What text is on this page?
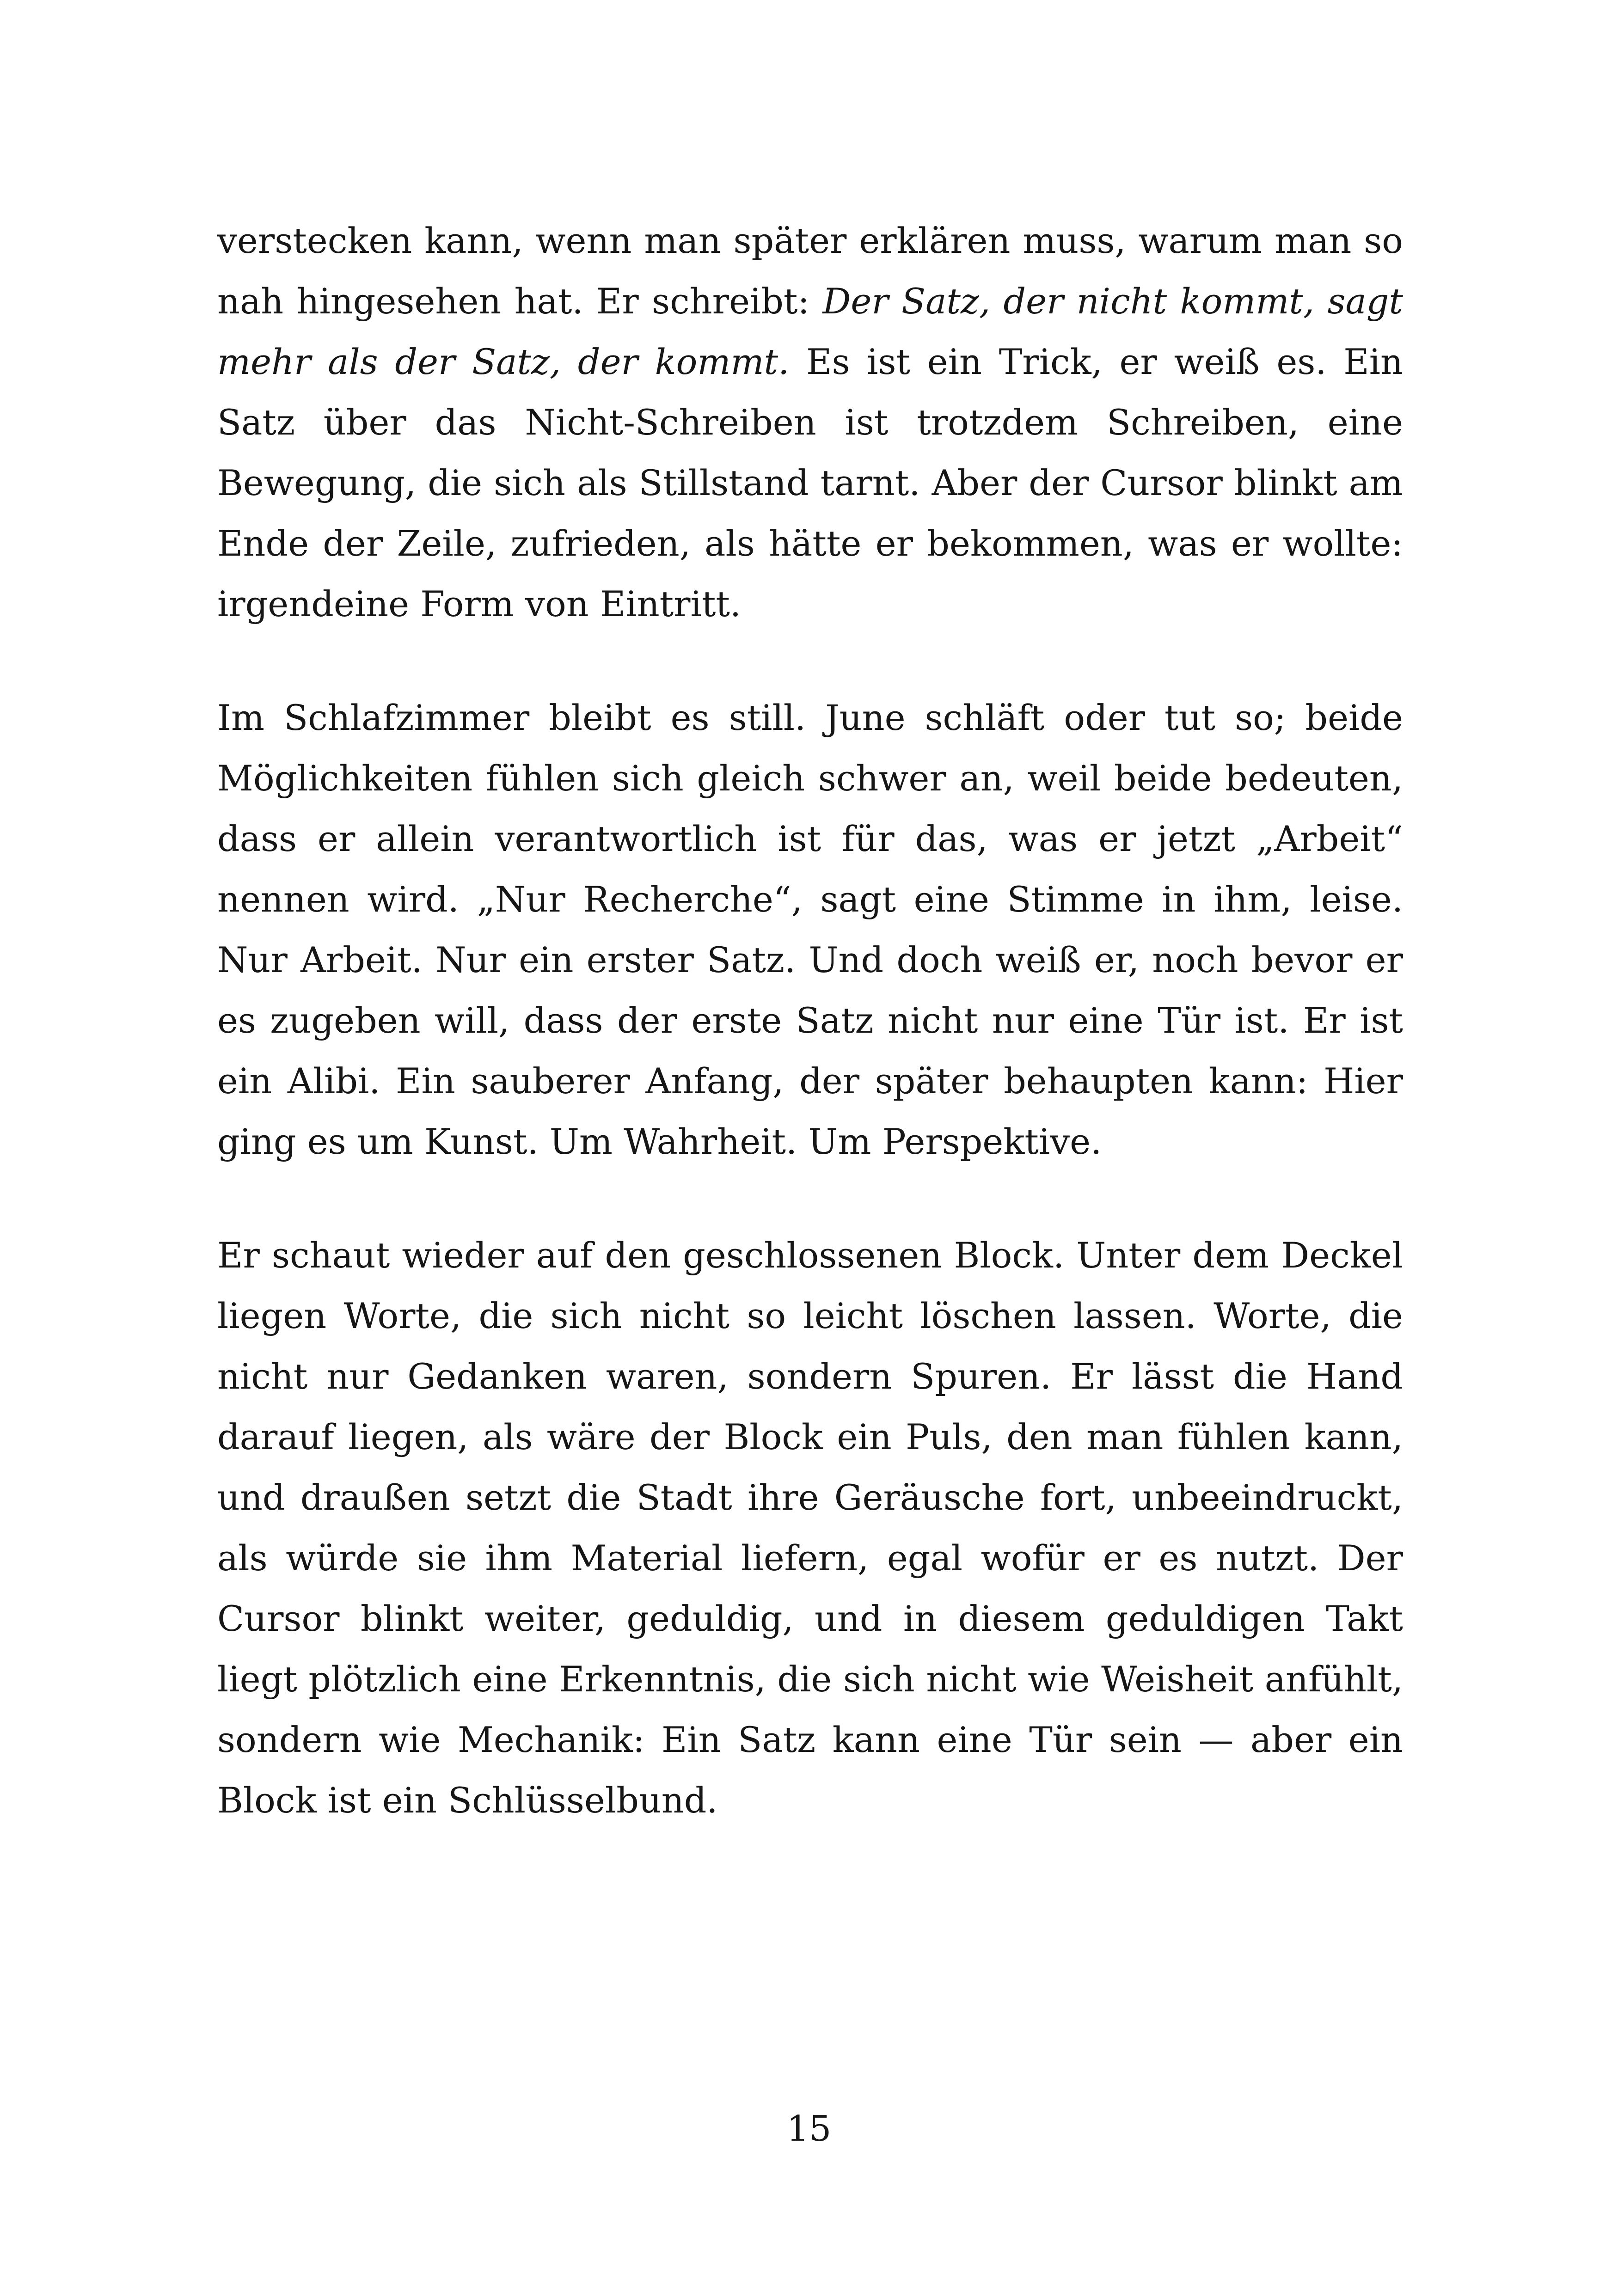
verstecken kann, wenn man später erklären muss, warum man so nah hingesehen hat. Er schreibt: Der Satz, der nicht kommt, sagt mehr als der Satz, der kommt. Es ist ein Trick, er weiß es. Ein Satz über das Nicht-Schreiben ist trotzdem Schreiben, eine Bewegung, die sich als Stillstand tarnt. Aber der Cursor blinkt am Ende der Zeile, zufrieden, als hätte er bekommen, was er wollte: irgendeine Form von Eintritt.

Im Schlafzimmer bleibt es still. June schläft oder tut so; beide Möglichkeiten fühlen sich gleich schwer an, weil beide bedeuten, dass er allein verantwortlich ist für das, was er jetzt „Arbeit“ nennen wird. „Nur Recherche“, sagt eine Stimme in ihm, leise. Nur Arbeit. Nur ein erster Satz. Und doch weiß er, noch bevor er es zugeben will, dass der erste Satz nicht nur eine Tür ist. Er ist ein Alibi. Ein sauberer Anfang, der später behaupten kann: Hier ging es um Kunst. Um Wahrheit. Um Perspektive.

Er schaut wieder auf den geschlossenen Block. Unter dem Deckel liegen Worte, die sich nicht so leicht löschen lassen. Worte, die nicht nur Gedanken waren, sondern Spuren. Er lässt die Hand darauf liegen, als wäre der Block ein Puls, den man fühlen kann, und draußen setzt die Stadt ihre Geräusche fort, unbeeindruckt, als würde sie ihm Material liefern, egal wofür er es nutzt. Der Cursor blinkt weiter, geduldig, und in diesem geduldigen Takt liegt plötzlich eine Erkenntnis, die sich nicht wie Weisheit anfühlt, sondern wie Mechanik: Ein Satz kann eine Tür sein — aber ein Block ist ein Schlüsselbund.

15
